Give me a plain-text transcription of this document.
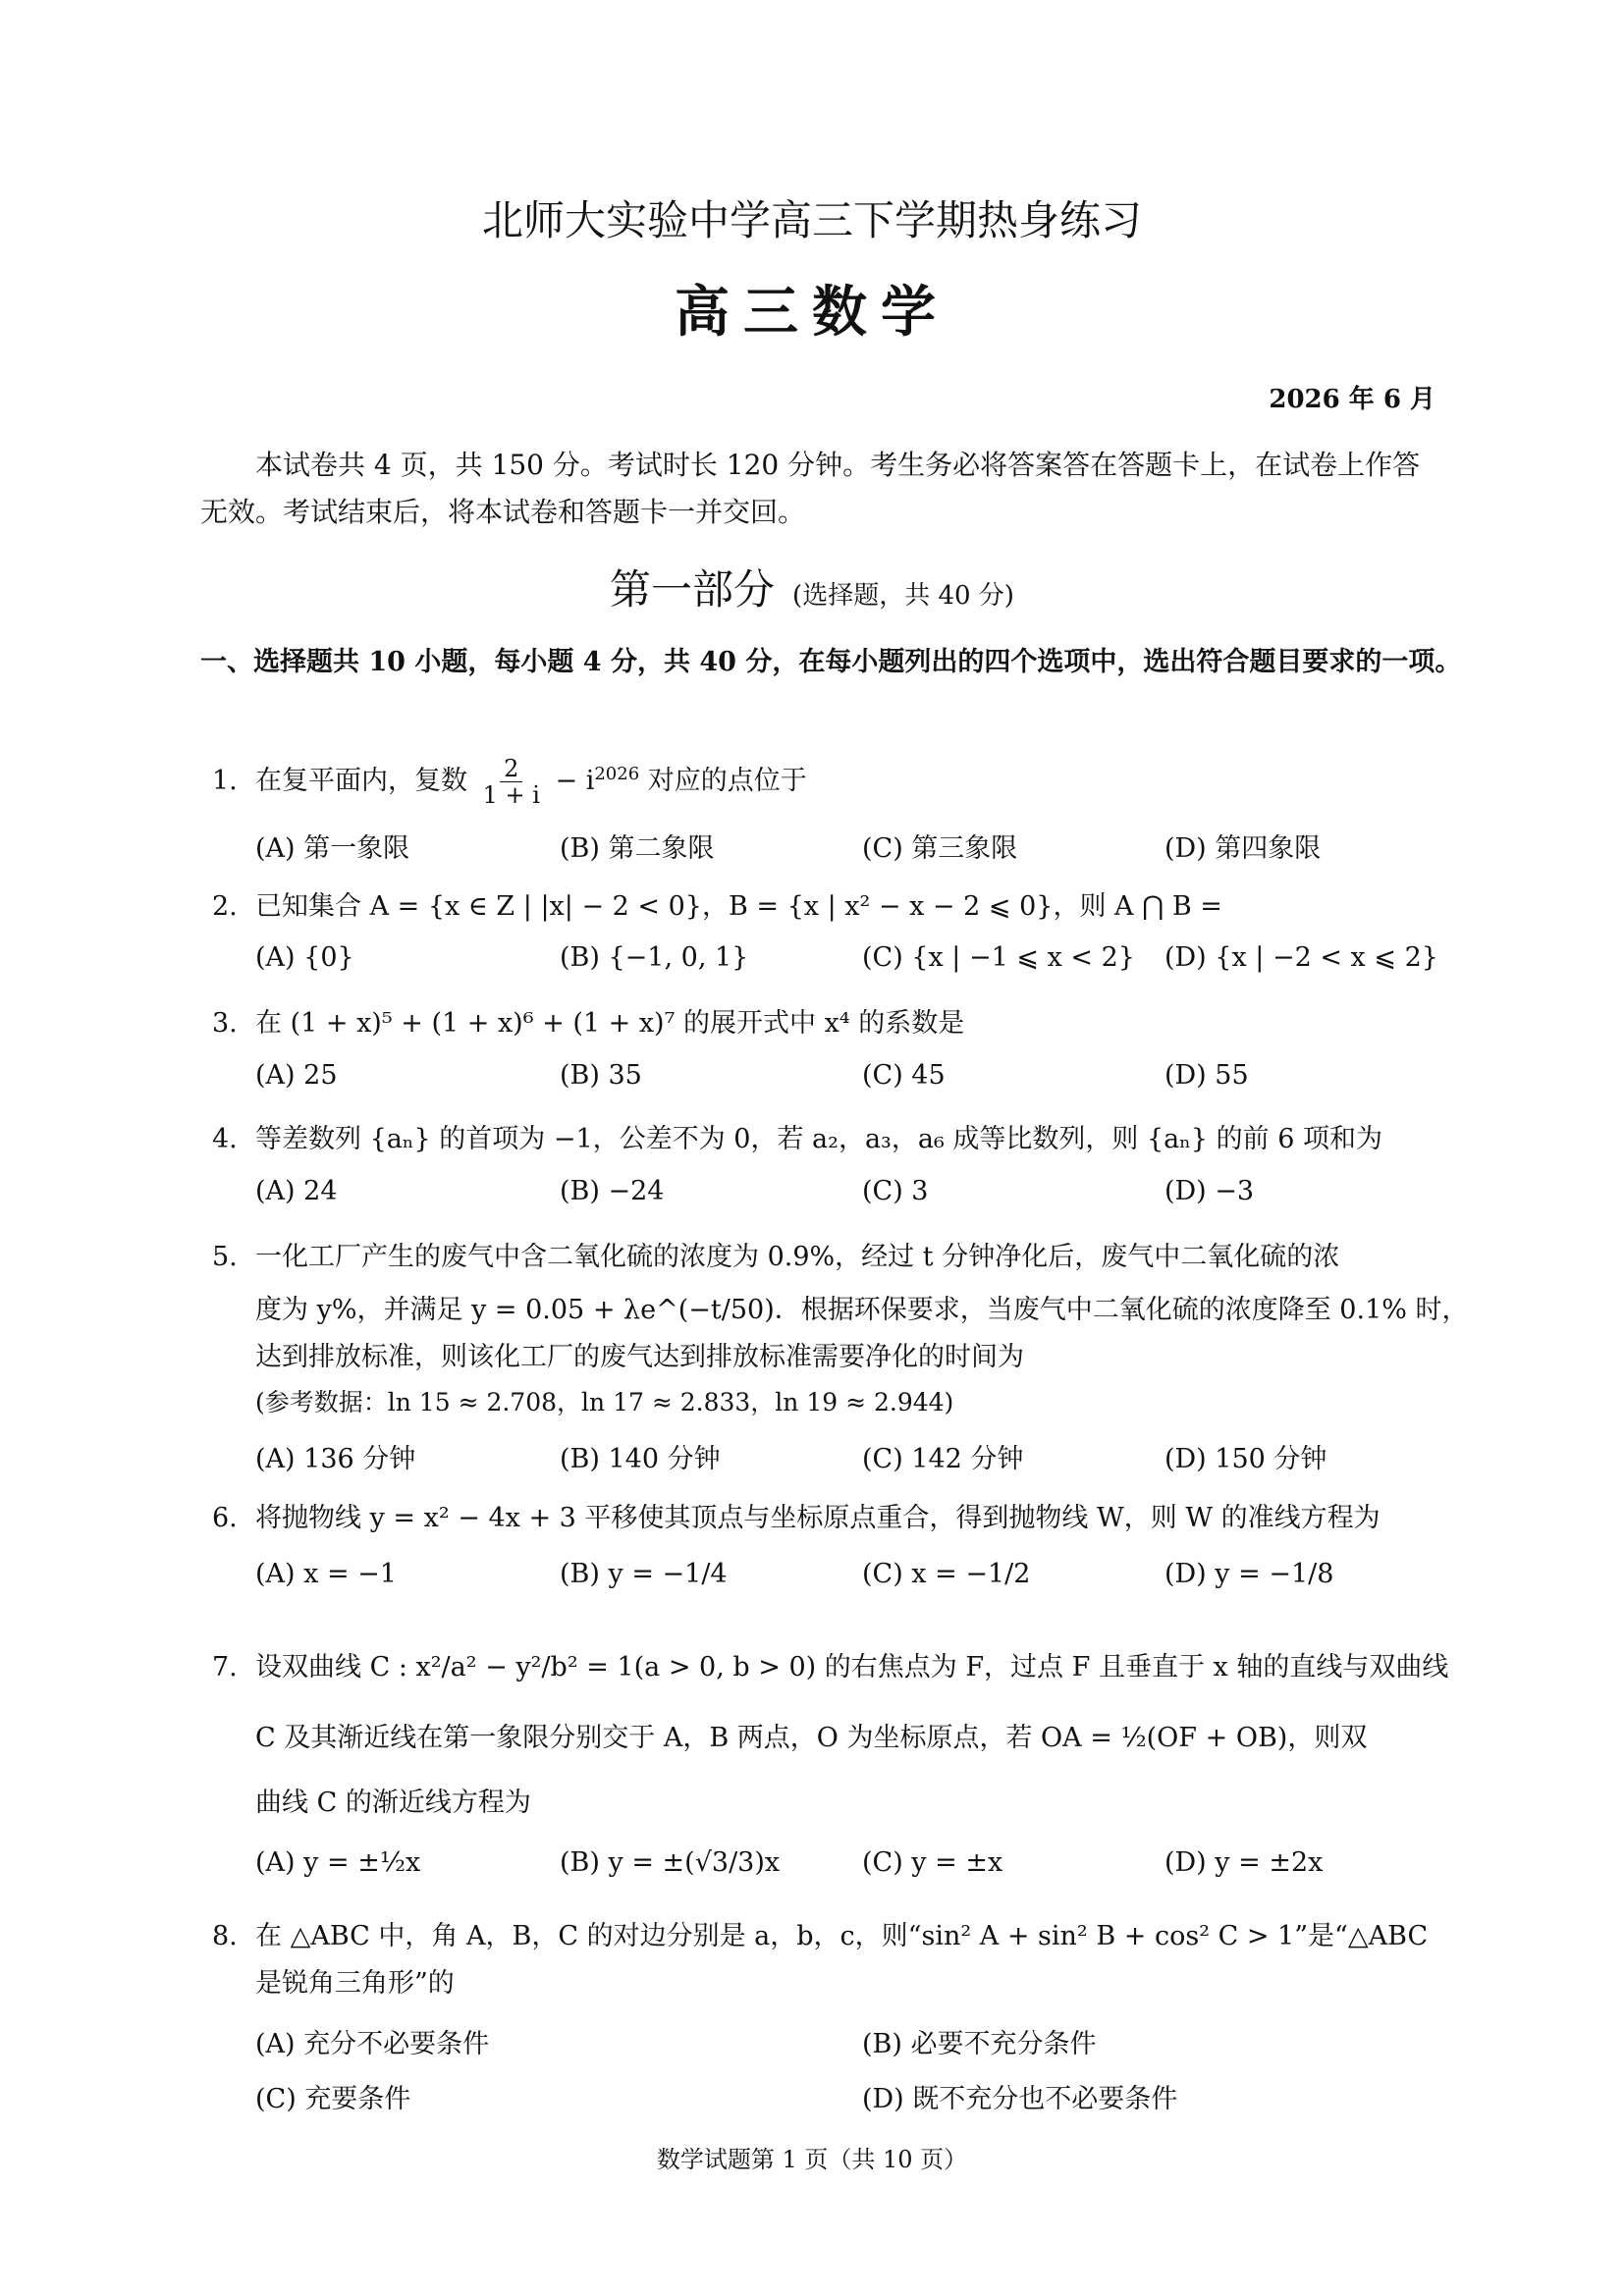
北师大实验中学高三下学期热身练习
高三数学
2026 年 6 月
本试卷共 4 页，共 150 分。考试时长 120 分钟。考生务必将答案答在答题卡上，在试卷上作答无效。考试结束后，将本试卷和答题卡一并交回。
第一部分 (选择题，共 40 分)
一、选择题共 10 小题，每小题 4 分，共 40 分，在每小题列出的四个选项中，选出符合题目要求的一项。
1. 在复平面内，复数 $\frac{2}{1 + i} - i^{2026}$ 对应的点位于
(A) 第一象限	(B) 第二象限	(C) 第三象限	(D) 第四象限
2. 已知集合 A = {x ∈ Z | |x| − 2 < 0}，B = {x | x² − x − 2 ⩽ 0}，则 A ⋂ B =
(A) {0}	(B) {−1, 0, 1}	(C) {x | −1 ⩽ x < 2} (D) {x | −2 < x ⩽ 2}
3. 在 (1 + x)⁵ + (1 + x)⁶ + (1 + x)⁷ 的展开式中 x⁴ 的系数是
(A) 25	(B) 35	(C) 45	(D) 55
4. 等差数列 {aₙ} 的首项为 −1，公差不为 0，若 a₂，a₃，a₆ 成等比数列，则 {aₙ} 的前 6 项和为
(A) 24	(B) −24	(C) 3	(D) −3
5. 一化工厂产生的废气中含二氧化硫的浓度为 0.9%，经过 t 分钟净化后，废气中二氧化硫的浓
度为 y%，并满足 y = 0.05 + λe^(−t/50)．根据环保要求，当废气中二氧化硫的浓度降至 0.1% 时，
达到排放标准，则该化工厂的废气达到排放标准需要净化的时间为
(参考数据：ln 15 ≈ 2.708，ln 17 ≈ 2.833，ln 19 ≈ 2.944)
(A) 136 分钟	(B) 140 分钟	(C) 142 分钟	(D) 150 分钟
6. 将抛物线 y = x² − 4x + 3 平移使其顶点与坐标原点重合，得到抛物线 W，则 W 的准线方程为
(A) x = −1	(B) y = −1/4	(C) x = −1/2	(D) y = −1/8
7. 设双曲线 C : x²/a² − y²/b² = 1(a > 0, b > 0) 的右焦点为 F，过点 F 且垂直于 x 轴的直线与双曲线
C 及其渐近线在第一象限分别交于 A，B 两点，O 为坐标原点，若 OA = ½(OF + OB)，则双
曲线 C 的渐近线方程为
(A) y = ±½x	(B) y = ±(√3/3)x	(C) y = ±x	(D) y = ±2x
8. 在 △ABC 中，角 A，B，C 的对边分别是 a，b，c，则“sin² A + sin² B + cos² C > 1”是“△ABC
是锐角三角形”的
(A) 充分不必要条件	(B) 必要不充分条件
(C) 充要条件	(D) 既不充分也不必要条件
数学试题第 1 页（共 10 页）
